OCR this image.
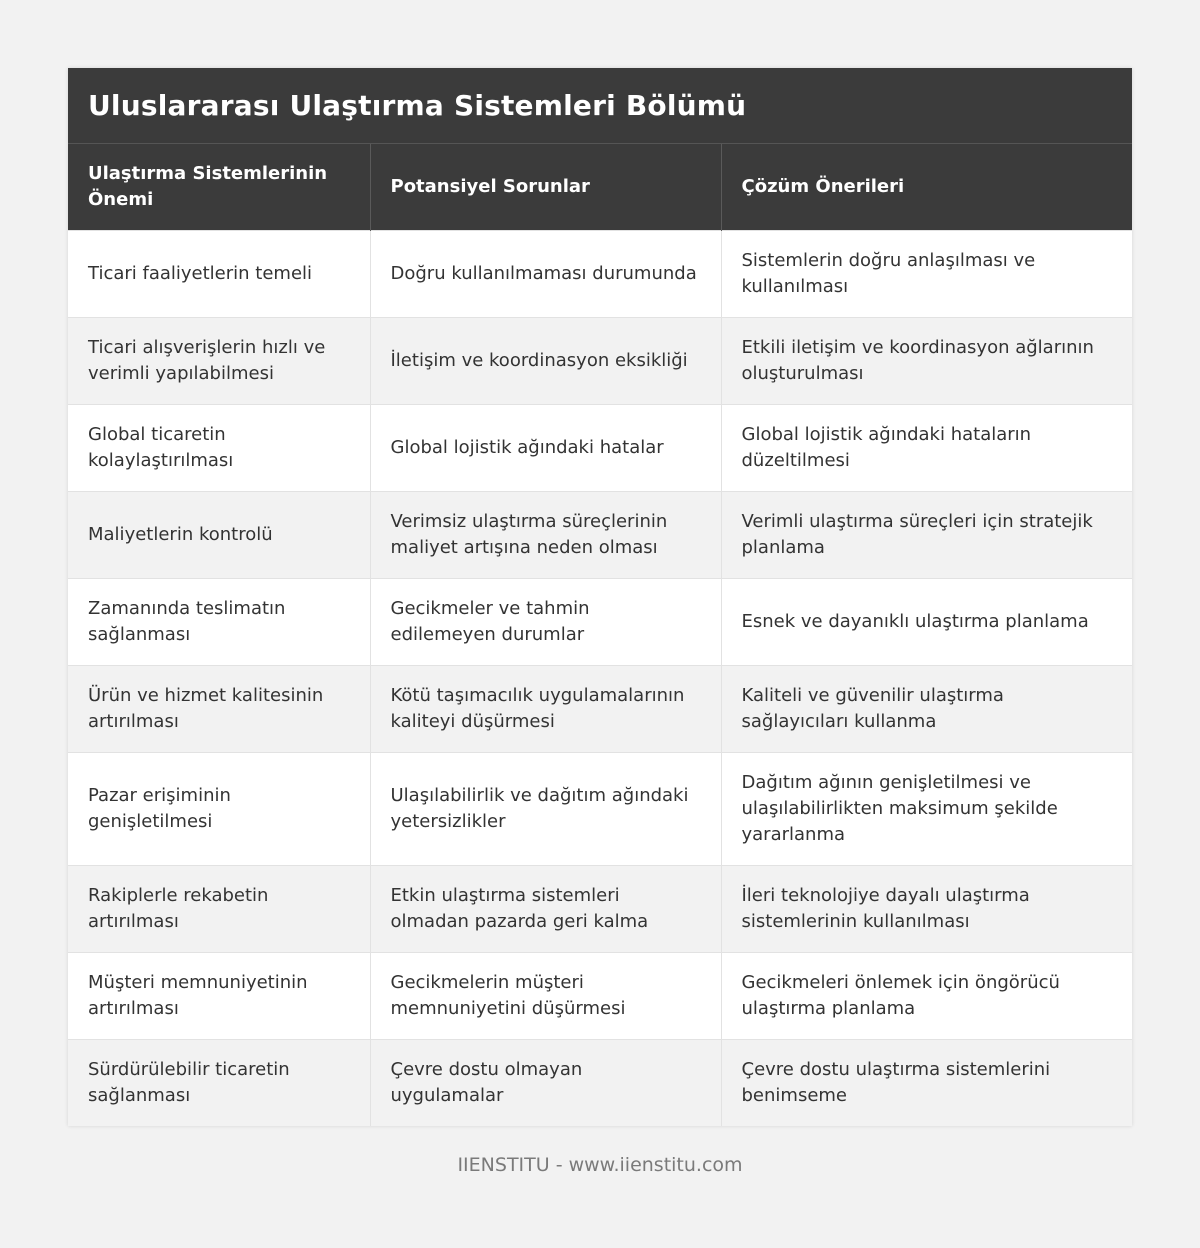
Uluslararası Ulaştırma Sistemleri Bölümü
Ulaştırma Sistemlerinin Önemi	Potansiyel Sorunlar	Çözüm Önerileri
Ticari faaliyetlerin temeli	Doğru kullanılmaması durumunda	Sistemlerin doğru anlaşılması ve kullanılması
Ticari alışverişlerin hızlı ve verimli yapılabilmesi	İletişim ve koordinasyon eksikliği	Etkili iletişim ve koordinasyon ağlarının oluşturulması
Global ticaretin kolaylaştırılması	Global lojistik ağındaki hatalar	Global lojistik ağındaki hataların düzeltilmesi
Maliyetlerin kontrolü	Verimsiz ulaştırma süreçlerinin maliyet artışına neden olması	Verimli ulaştırma süreçleri için stratejik planlama
Zamanında teslimatın sağlanması	Gecikmeler ve tahmin edilemeyen durumlar	Esnek ve dayanıklı ulaştırma planlama
Ürün ve hizmet kalitesinin artırılması	Kötü taşımacılık uygulamalarının kaliteyi düşürmesi	Kaliteli ve güvenilir ulaştırma sağlayıcıları kullanma
Pazar erişiminin genişletilmesi	Ulaşılabilirlik ve dağıtım ağındaki yetersizlikler	Dağıtım ağının genişletilmesi ve ulaşılabilirlikten maksimum şekilde yararlanma
Rakiplerle rekabetin artırılması	Etkin ulaştırma sistemleri olmadan pazarda geri kalma	İleri teknolojiye dayalı ulaştırma sistemlerinin kullanılması
Müşteri memnuniyetinin artırılması	Gecikmelerin müşteri memnuniyetini düşürmesi	Gecikmeleri önlemek için öngörücü ulaştırma planlama
Sürdürülebilir ticaretin sağlanması	Çevre dostu olmayan uygulamalar	Çevre dostu ulaştırma sistemlerini benimseme
IIENSTITU - www.iienstitu.com
